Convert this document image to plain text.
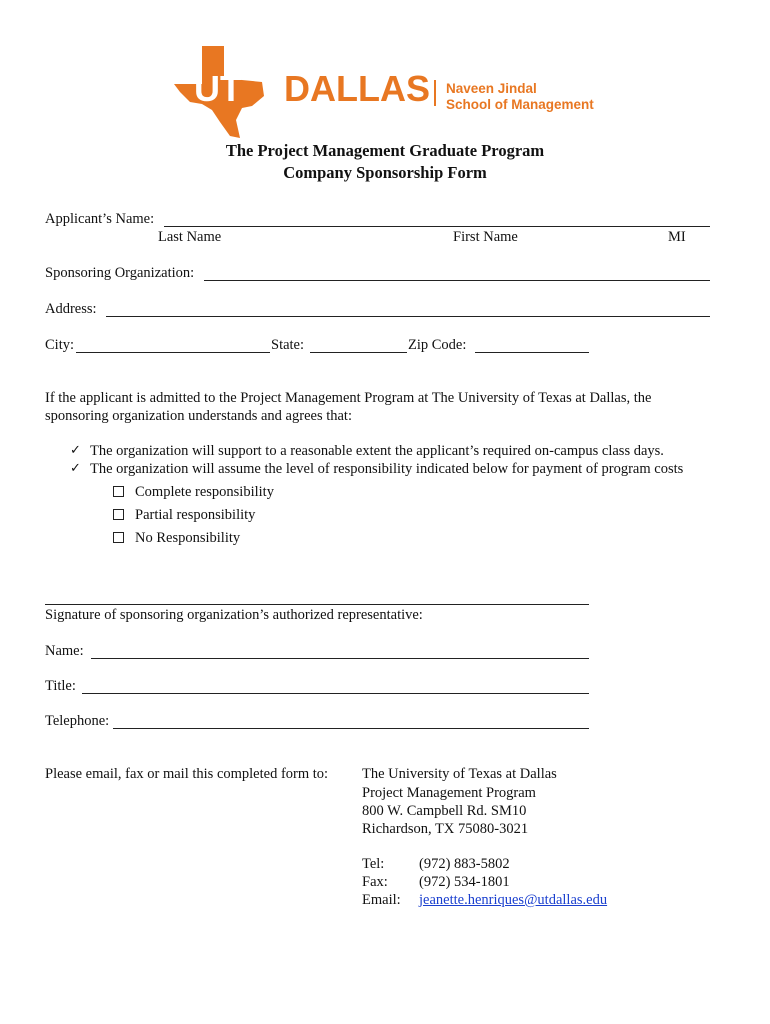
UT DALLAS Naveen Jindal
School of Management
The Project Management Graduate Program
Company Sponsorship Form
Applicant’s Name:
Last Name	First Name	MI
Sponsoring Organization:
Address:
City:	State:	Zip Code:
If the applicant is admitted to the Project Management Program at The University of Texas at Dallas, the
sponsoring organization understands and agrees that:
✓ The organization will support to a reasonable extent the applicant’s required on-campus class days.
✓ The organization will assume the level of responsibility indicated below for payment of program costs
Complete responsibility
Partial responsibility
No Responsibility
Signature of sponsoring organization’s authorized representative:
Name:
Title:
Telephone:
Please email, fax or mail this completed form to: The University of Texas at Dallas
Project Management Program
800 W. Campbell Rd. SM10
Richardson, TX 75080-3021
Tel: (972) 883-5802
Fax: (972) 534-1801
Email: jeanette.henriques@utdallas.edu
